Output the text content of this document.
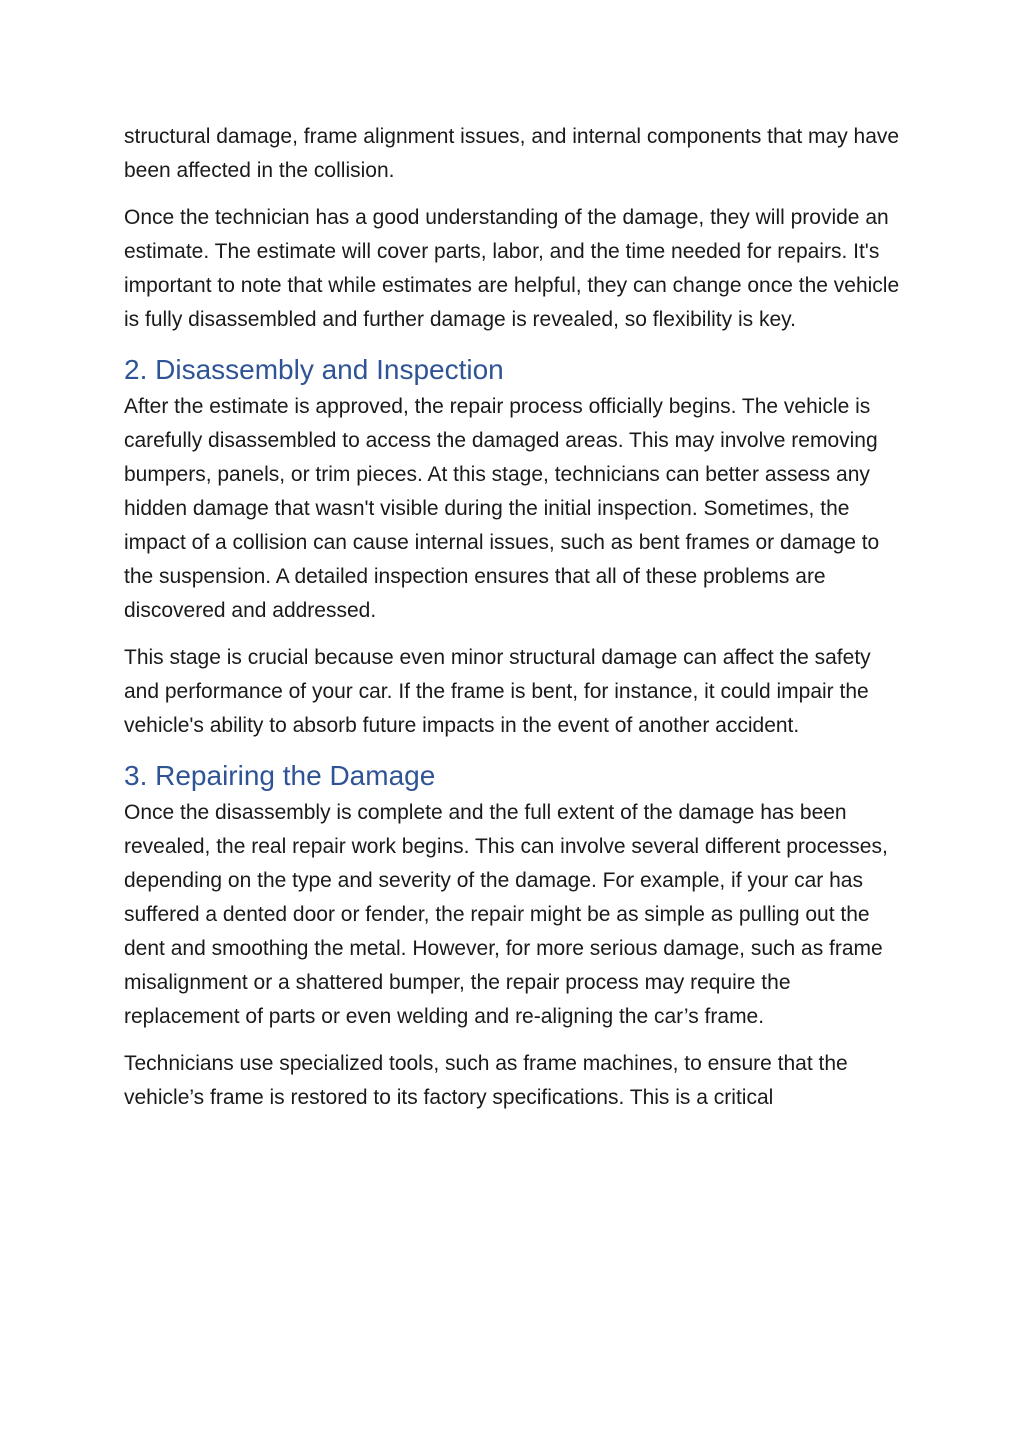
structural damage, frame alignment issues, and internal components that may have been affected in the collision.

Once the technician has a good understanding of the damage, they will provide an estimate. The estimate will cover parts, labor, and the time needed for repairs. It's important to note that while estimates are helpful, they can change once the vehicle is fully disassembled and further damage is revealed, so flexibility is key.

2. Disassembly and Inspection

After the estimate is approved, the repair process officially begins. The vehicle is carefully disassembled to access the damaged areas. This may involve removing bumpers, panels, or trim pieces. At this stage, technicians can better assess any hidden damage that wasn't visible during the initial inspection. Sometimes, the impact of a collision can cause internal issues, such as bent frames or damage to the suspension. A detailed inspection ensures that all of these problems are discovered and addressed.

This stage is crucial because even minor structural damage can affect the safety and performance of your car. If the frame is bent, for instance, it could impair the vehicle's ability to absorb future impacts in the event of another accident.

3. Repairing the Damage

Once the disassembly is complete and the full extent of the damage has been revealed, the real repair work begins. This can involve several different processes, depending on the type and severity of the damage. For example, if your car has suffered a dented door or fender, the repair might be as simple as pulling out the dent and smoothing the metal. However, for more serious damage, such as frame misalignment or a shattered bumper, the repair process may require the replacement of parts or even welding and re-aligning the car’s frame.

Technicians use specialized tools, such as frame machines, to ensure that the vehicle’s frame is restored to its factory specifications. This is a critical
